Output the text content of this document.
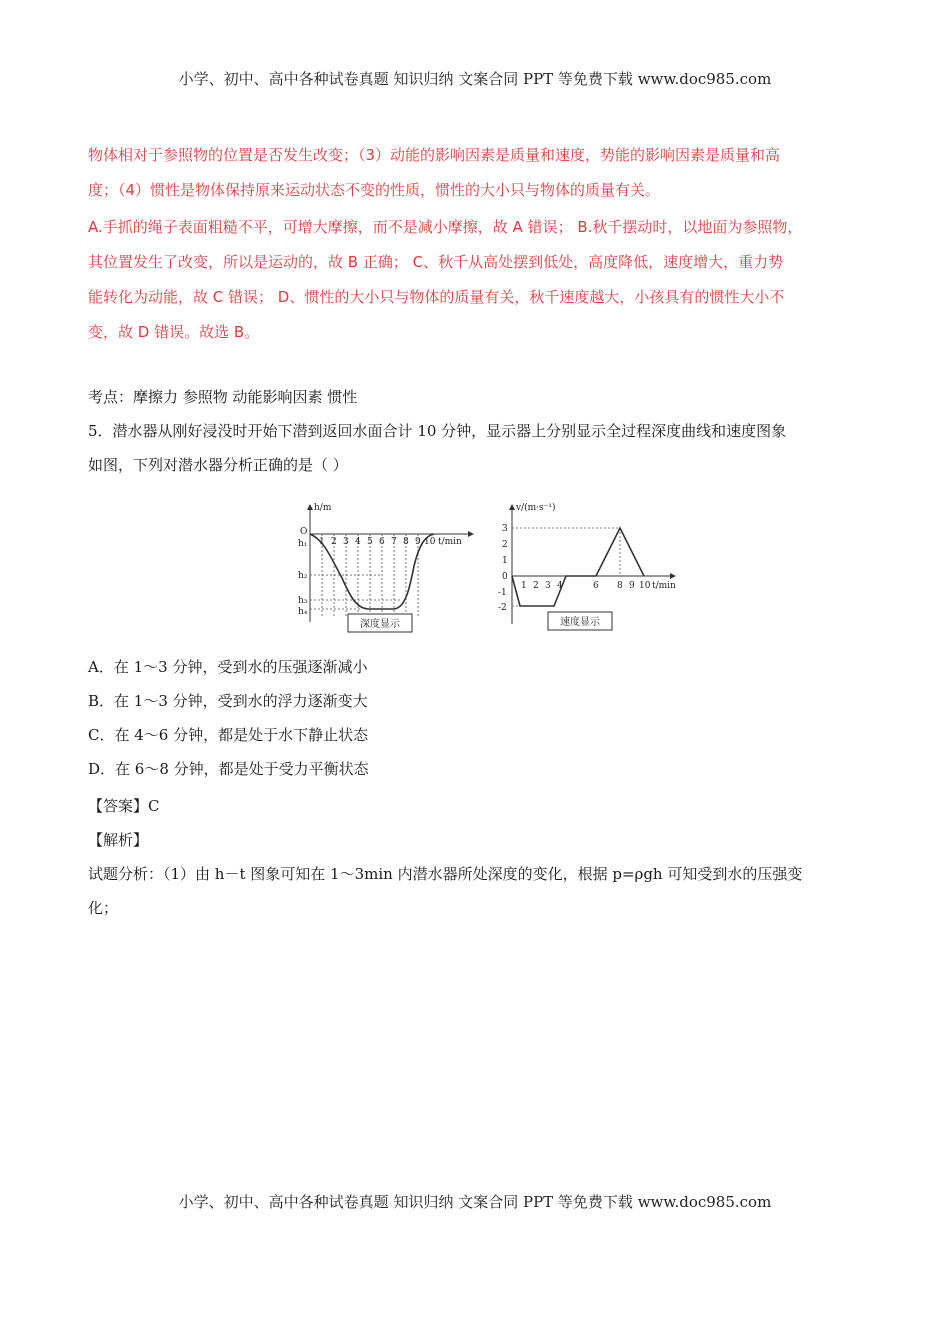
小学、初中、高中各种试卷真题 知识归纳 文案合同 PPT 等免费下载 www.doc985.com

物体相对于参照物的位置是否发生改变；（3）动能的影响因素是质量和速度，势能的影响因素是质量和高

度；（4）惯性是物体保持原来运动状态不变的性质，惯性的大小只与物体的质量有关。

A.手抓的绳子表面粗糙不平，可增大摩擦，而不是减小摩擦，故 A 错误； B.秋千摆动时，以地面为参照物，

其位置发生了改变，所以是运动的，故 B 正确； C、秋千从高处摆到低处，高度降低，速度增大，重力势

能转化为动能，故 C 错误； D、惯性的大小只与物体的质量有关，秋千速度越大，小孩具有的惯性大小不

变，故 D 错误。故选 B。

考点：摩擦力 参照物 动能影响因素 惯性

5．潜水器从刚好浸没时开始下潜到返回水面合计 10 分钟，显示器上分别显示全过程深度曲线和速度图象

如图，下列对潜水器分析正确的是（ ）

h/m
O
h₁
h₂
h₃
h₄
1 2 3 4 5 6 7 8 9 10 t/min
深度显示
v/(m·s⁻¹)
3
2
1
0
-1
-2
1 2 3 4	6 8 9 10 t/min
速度显示

A．在 1～3 分钟，受到水的压强逐渐减小

B．在 1～3 分钟，受到水的浮力逐渐变大

C．在 4～6 分钟，都是处于水下静止状态

D．在 6～8 分钟，都是处于受力平衡状态

【答案】C

【解析】

试题分析：（1）由 h－t 图象可知在 1～3min 内潜水器所处深度的变化，根据 p=ρgh 可知受到水的压强变

化；

小学、初中、高中各种试卷真题 知识归纳 文案合同 PPT 等免费下载 www.doc985.com
